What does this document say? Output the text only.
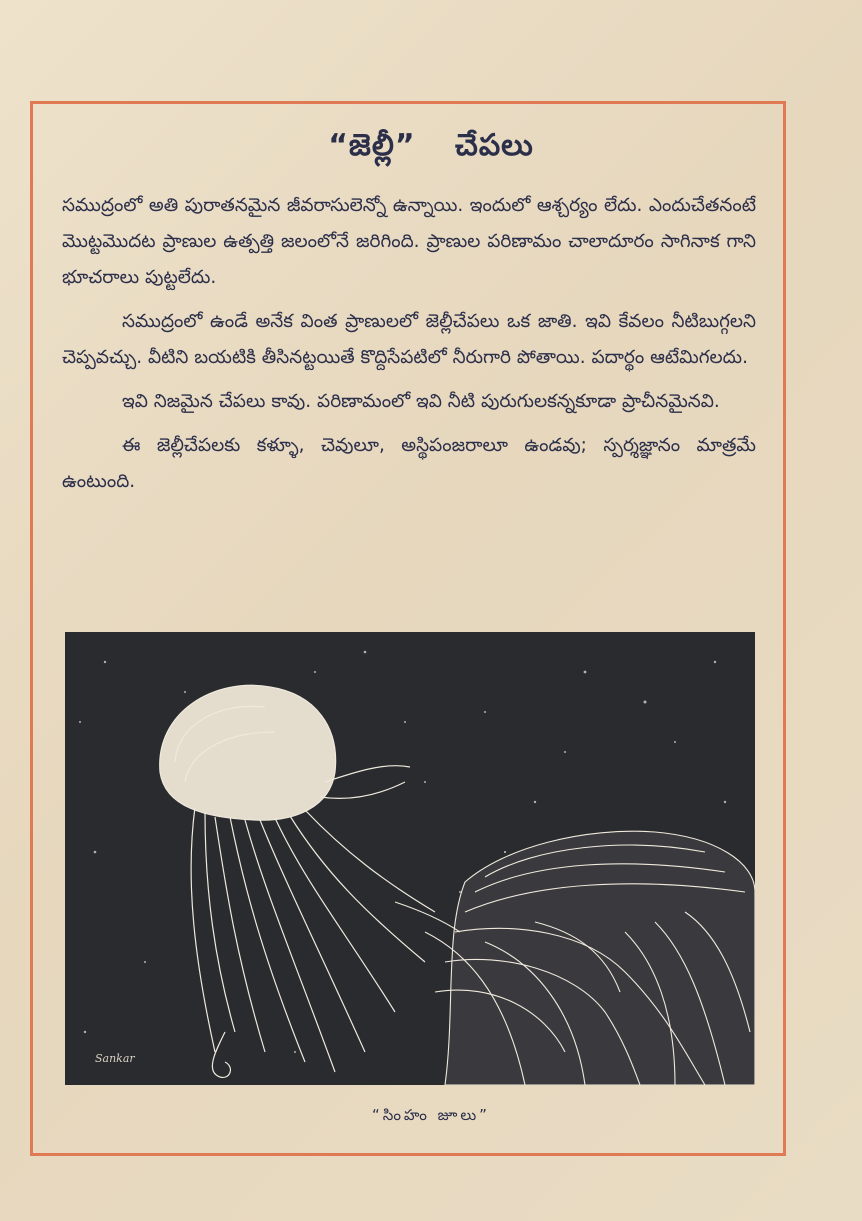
“జెల్లీ” చేపలు

సముద్రంలో అతి పురాతనమైన జీవరాసులెన్నో ఉన్నాయి. ఇందులో ఆశ్చర్యం లేదు. ఎందుచేతనంటే మొట్టమొదట ప్రాణుల ఉత్పత్తి జలంలోనే జరిగింది. ప్రాణుల పరిణామం చాలాదూరం సాగినాక గాని భూచరాలు పుట్టలేదు.

సముద్రంలో ఉండే అనేక వింత ప్రాణులలో జెల్లీచేపలు ఒక జాతి. ఇవి కేవలం నీటిబుగ్గలని చెప్పవచ్చు. వీటిని బయటికి తీసినట్టయితే కొద్దిసేపటిలో నీరుగారి పోతాయి. పదార్థం ఆటేమిగలదు.

ఇవి నిజమైన చేపలు కావు. పరిణామంలో ఇవి నీటి పురుగులకన్నకూడా ప్రాచీనమైనవి.

ఈ జెల్లీచేపలకు కళ్ళూ, చెవులూ, అస్థిపంజరాలూ ఉండవు; స్పర్శజ్ఞానం మాత్రమే ఉంటుంది.

Sankar
“సింహం జూలు”
